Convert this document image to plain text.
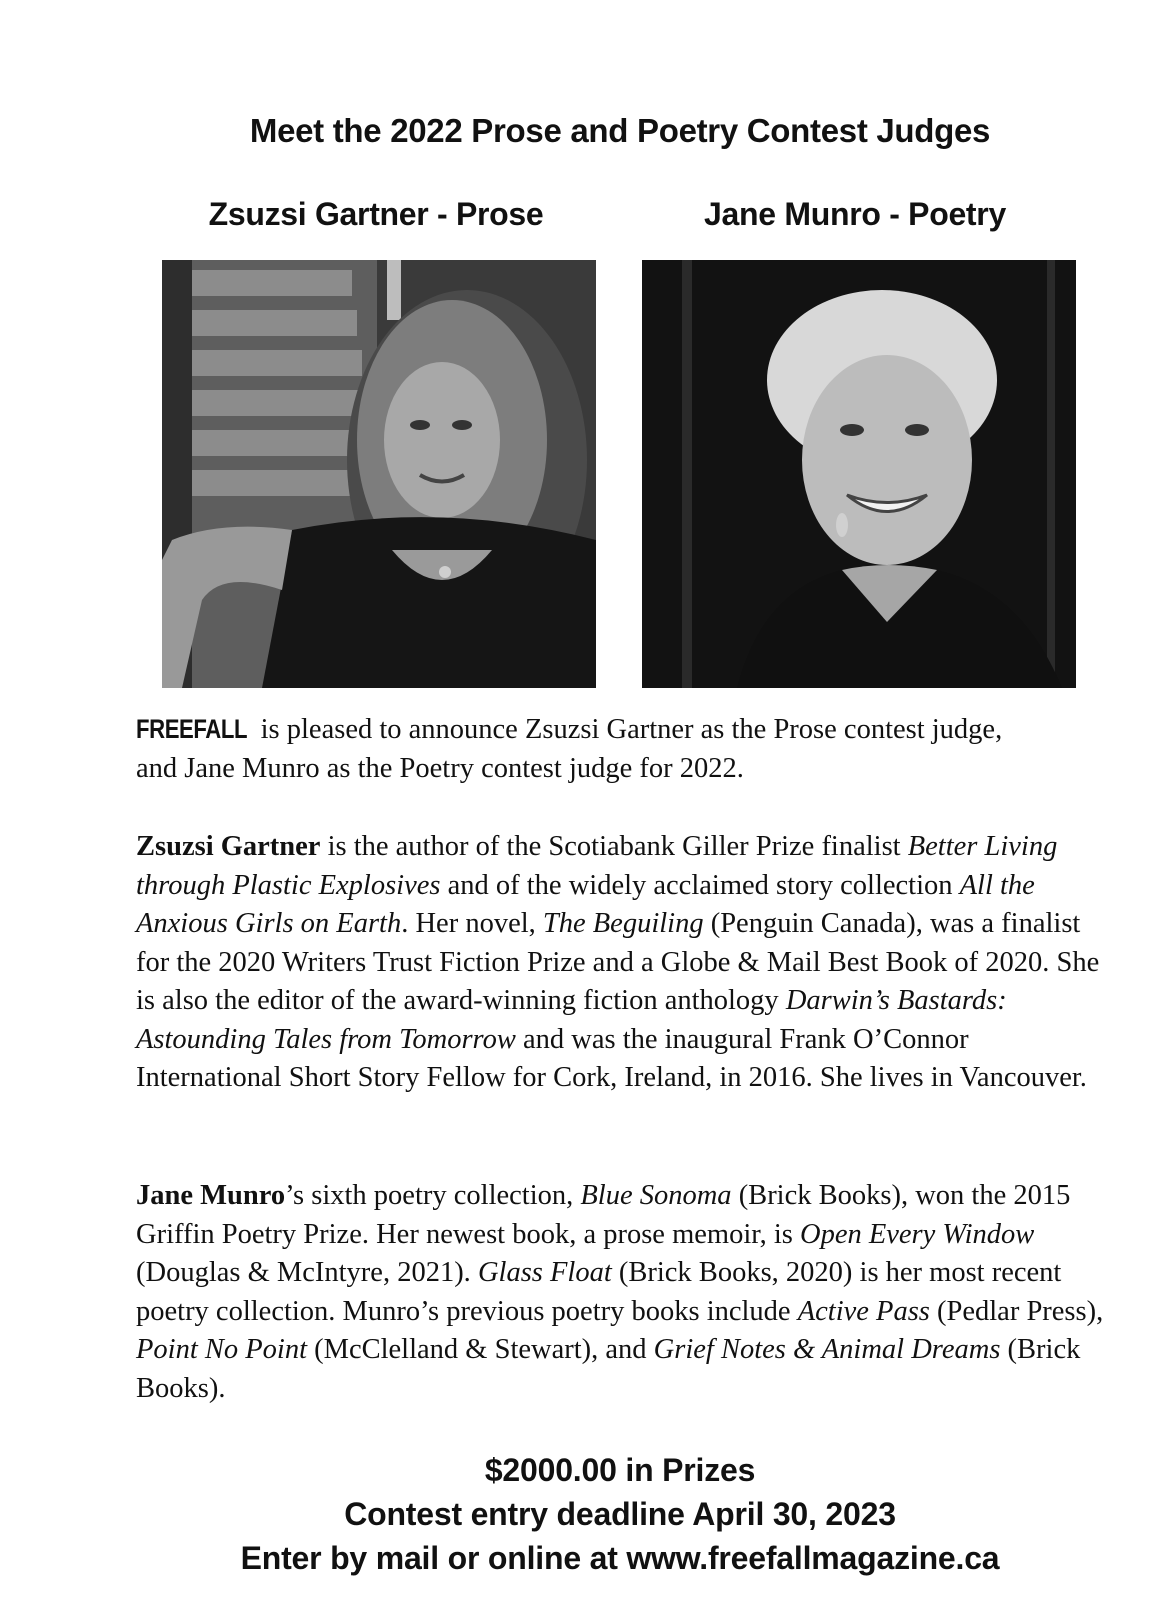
Meet the 2022 Prose and Poetry Contest Judges
Zsuzsi Gartner - Prose	Jane Munro - Poetry
FREEFALL is pleased to announce Zsuzsi Gartner as the Prose contest judge,
and Jane Munro as the Poetry contest judge for 2022.
Zsuzsi Gartner is the author of the Scotiabank Giller Prize finalist Better Living through Plastic Explosives and of the widely acclaimed story collection All the Anxious Girls on Earth. Her novel, The Beguiling (Penguin Canada), was a finalist for the 2020 Writers Trust Fiction Prize and a Globe & Mail Best Book of 2020. She is also the editor of the award-winning fiction anthology Darwin’s Bastards: Astounding Tales from Tomorrow and was the inaugural Frank O’Connor International Short Story Fellow for Cork, Ireland, in 2016. She lives in Vancouver.
Jane Munro’s sixth poetry collection, Blue Sonoma (Brick Books), won the 2015 Griffin Poetry Prize. Her newest book, a prose memoir, is Open Every Window (Douglas & McIntyre, 2021). Glass Float (Brick Books, 2020) is her most recent poetry collection. Munro’s previous poetry books include Active Pass (Pedlar Press), Point No Point (McClelland & Stewart), and Grief Notes & Animal Dreams (Brick Books).
$2000.00 in Prizes
Contest entry deadline April 30, 2023
Enter by mail or online at www.freefallmagazine.ca
